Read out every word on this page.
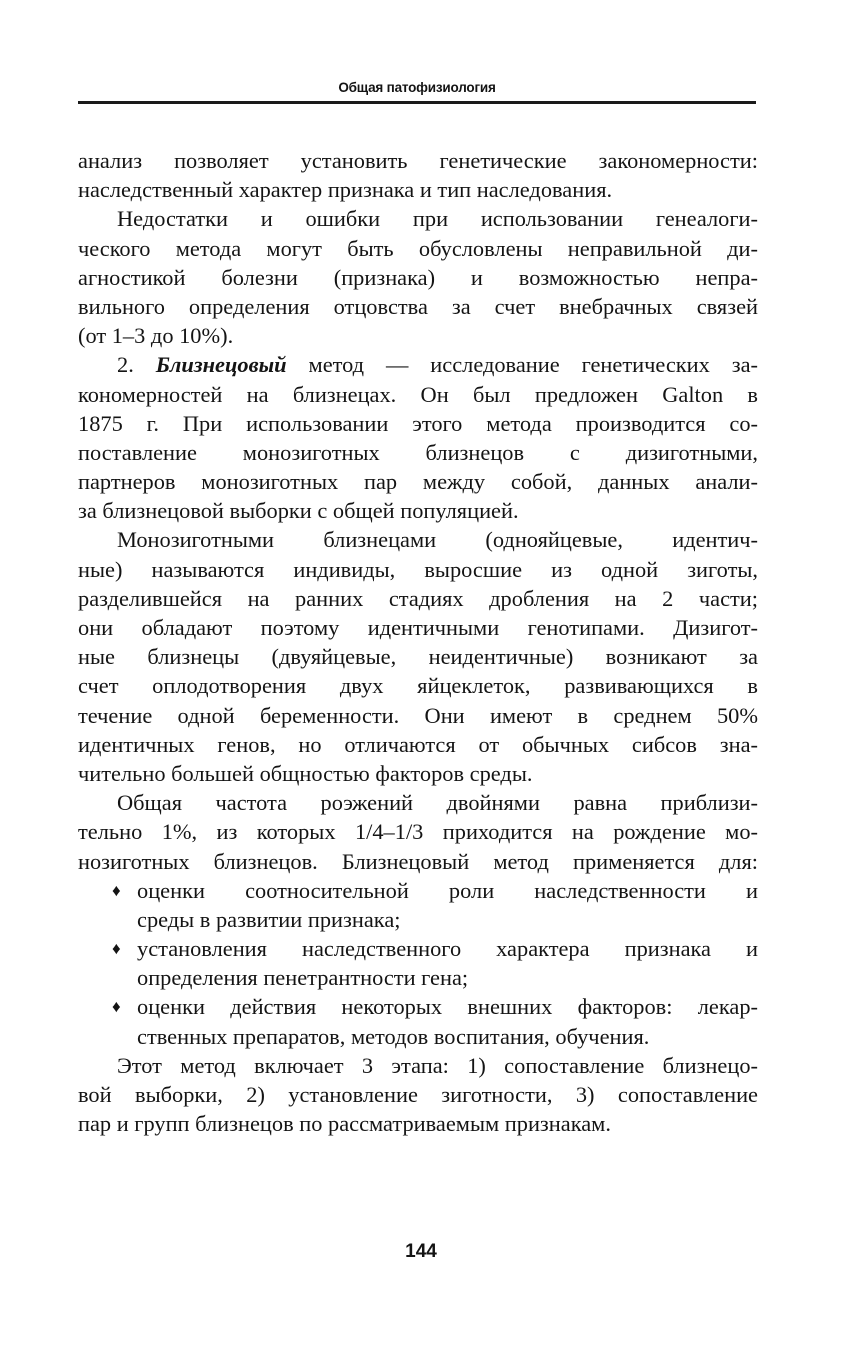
Общая патофизиология
анализ позволяет установить генетические закономерности:
наследственный характер признака и тип наследования.
Недостатки и ошибки при использовании генеалоги-
ческого метода могут быть обусловлены неправильной ди-
агностикой болезни (признака) и возможностью непра-
вильного определения отцовства за счет внебрачных связей
(от 1–3 до 10%).
2. Близнецовый метод — исследование генетических за-
кономерностей на близнецах. Он был предложен Galton в
1875 г. При использовании этого метода производится со-
поставление монозиготных близнецов с дизиготными,
партнеров монозиготных пар между собой, данных анали-
за близнецовой выборки с общей популяцией.
Монозиготными близнецами (однояйцевые, идентич-
ные) называются индивиды, выросшие из одной зиготы,
разделившейся на ранних стадиях дробления на 2 части;
они обладают поэтому идентичными генотипами. Дизигот-
ные близнецы (двуяйцевые, неидентичные) возникают за
счет оплодотворения двух яйцеклеток, развивающихся в
течение одной беременности. Они имеют в среднем 50%
идентичных генов, но отличаются от обычных сибсов зна-
чительно большей общностью факторов среды.
Общая частота роэжений двойнями равна приблизи-
тельно 1%, из которых 1/4–1/3 приходится на рождение мо-
нозиготных близнецов. Близнецовый метод применяется для:
♦ оценки соотносительной роли наследственности и
среды в развитии признака;
♦ установления наследственного характера признака и
определения пенетрантности гена;
♦ оценки действия некоторых внешних факторов: лекар-
ственных препаратов, методов воспитания, обучения.
Этот метод включает 3 этапа: 1) сопоставление близнецо-
вой выборки, 2) установление зиготности, 3) сопоставление
пар и групп близнецов по рассматриваемым признакам.
144
